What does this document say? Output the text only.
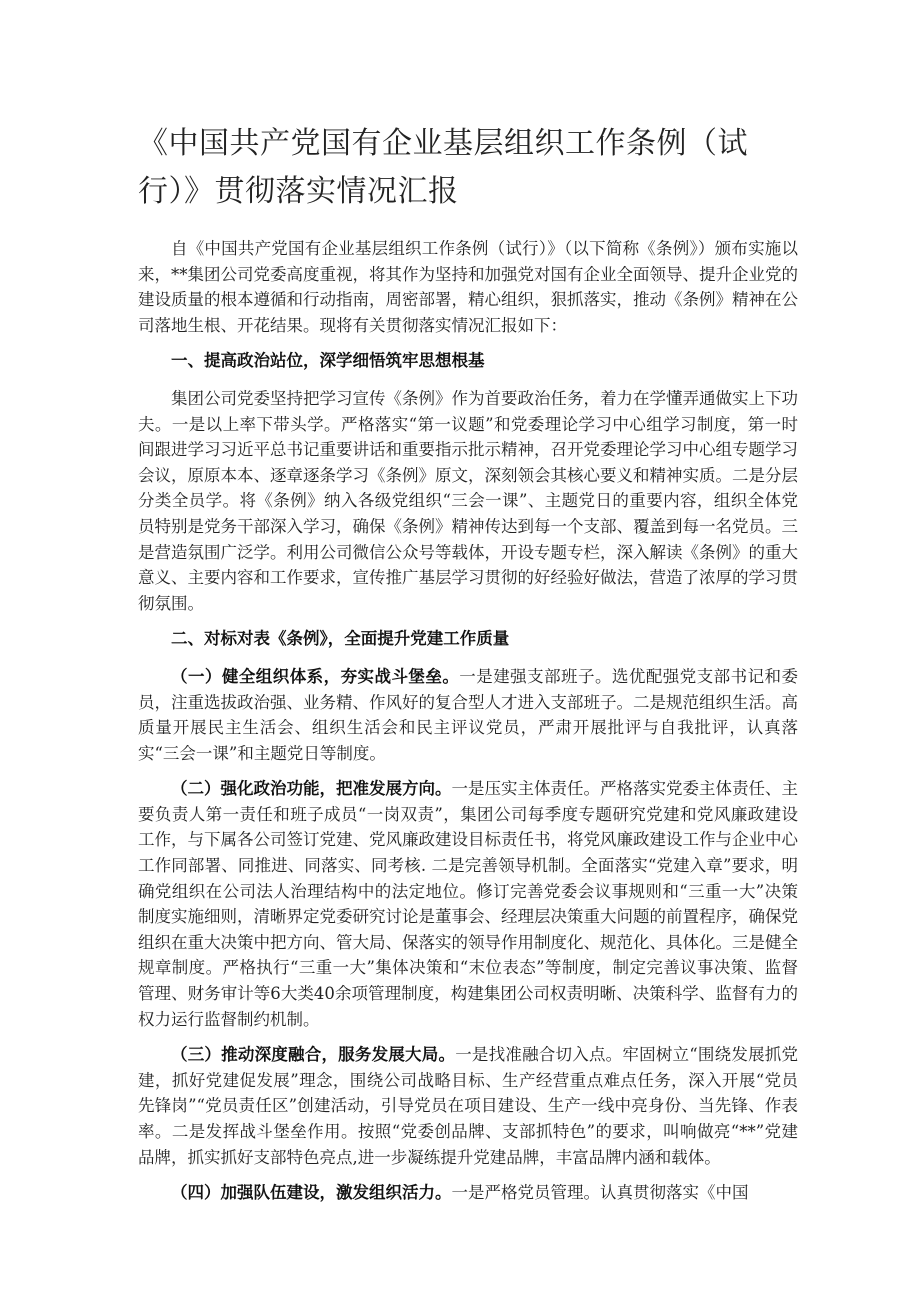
《中国共产党国有企业基层组织工作条例（试行）》贯彻落实情况汇报

自《中国共产党国有企业基层组织工作条例（试行）》（以下简称《条例》）颁布实施以来，**集团公司党委高度重视，将其作为坚持和加强党对国有企业全面领导、提升企业党的建设质量的根本遵循和行动指南，周密部署，精心组织，狠抓落实，推动《条例》精神在公司落地生根、开花结果。现将有关贯彻落实情况汇报如下：

一、提高政治站位，深学细悟筑牢思想根基

集团公司党委坚持把学习宣传《条例》作为首要政治任务，着力在学懂弄通做实上下功夫。一是以上率下带头学。严格落实“第一议题”和党委理论学习中心组学习制度，第一时间跟进学习习近平总书记重要讲话和重要指示批示精神，召开党委理论学习中心组专题学习会议，原原本本、逐章逐条学习《条例》原文，深刻领会其核心要义和精神实质。二是分层分类全员学。将《条例》纳入各级党组织“三会一课”、主题党日的重要内容，组织全体党员特别是党务干部深入学习，确保《条例》精神传达到每一个支部、覆盖到每一名党员。三是营造氛围广泛学。利用公司微信公众号等载体，开设专题专栏，深入解读《条例》的重大意义、主要内容和工作要求，宣传推广基层学习贯彻的好经验好做法，营造了浓厚的学习贯彻氛围。

二、对标对表《条例》，全面提升党建工作质量

（一）健全组织体系，夯实战斗堡垒。一是建强支部班子。选优配强党支部书记和委员，注重选拔政治强、业务精、作风好的复合型人才进入支部班子。二是规范组织生活。高质量开展民主生活会、组织生活会和民主评议党员，严肃开展批评与自我批评，认真落实“三会一课”和主题党日等制度。

（二）强化政治功能，把准发展方向。一是压实主体责任。严格落实党委主体责任、主要负责人第一责任和班子成员“一岗双责”，集团公司每季度专题研究党建和党风廉政建设工作，与下属各公司签订党建、党风廉政建设目标责任书，将党风廉政建设工作与企业中心工作同部署、同推进、同落实、同考核. 二是完善领导机制。全面落实“党建入章”要求，明确党组织在公司法人治理结构中的法定地位。修订完善党委会议事规则和“三重一大”决策制度实施细则，清晰界定党委研究讨论是董事会、经理层决策重大问题的前置程序，确保党组织在重大决策中把方向、管大局、保落实的领导作用制度化、规范化、具体化。三是健全规章制度。严格执行“三重一大”集体决策和“末位表态”等制度，制定完善议事决策、监督管理、财务审计等6大类40余项管理制度，构建集团公司权责明晰、决策科学、监督有力的权力运行监督制约机制。

（三）推动深度融合，服务发展大局。一是找准融合切入点。牢固树立“围绕发展抓党建，抓好党建促发展”理念，围绕公司战略目标、生产经营重点难点任务，深入开展“党员先锋岗”“党员责任区”创建活动，引导党员在项目建设、生产一线中亮身份、当先锋、作表率。二是发挥战斗堡垒作用。按照“党委创品牌、支部抓特色”的要求，叫响做亮“**”党建品牌，抓实抓好支部特色亮点,进一步凝练提升党建品牌，丰富品牌内涵和载体。

（四）加强队伍建设，激发组织活力。一是严格党员管理。认真贯彻落实《中国
